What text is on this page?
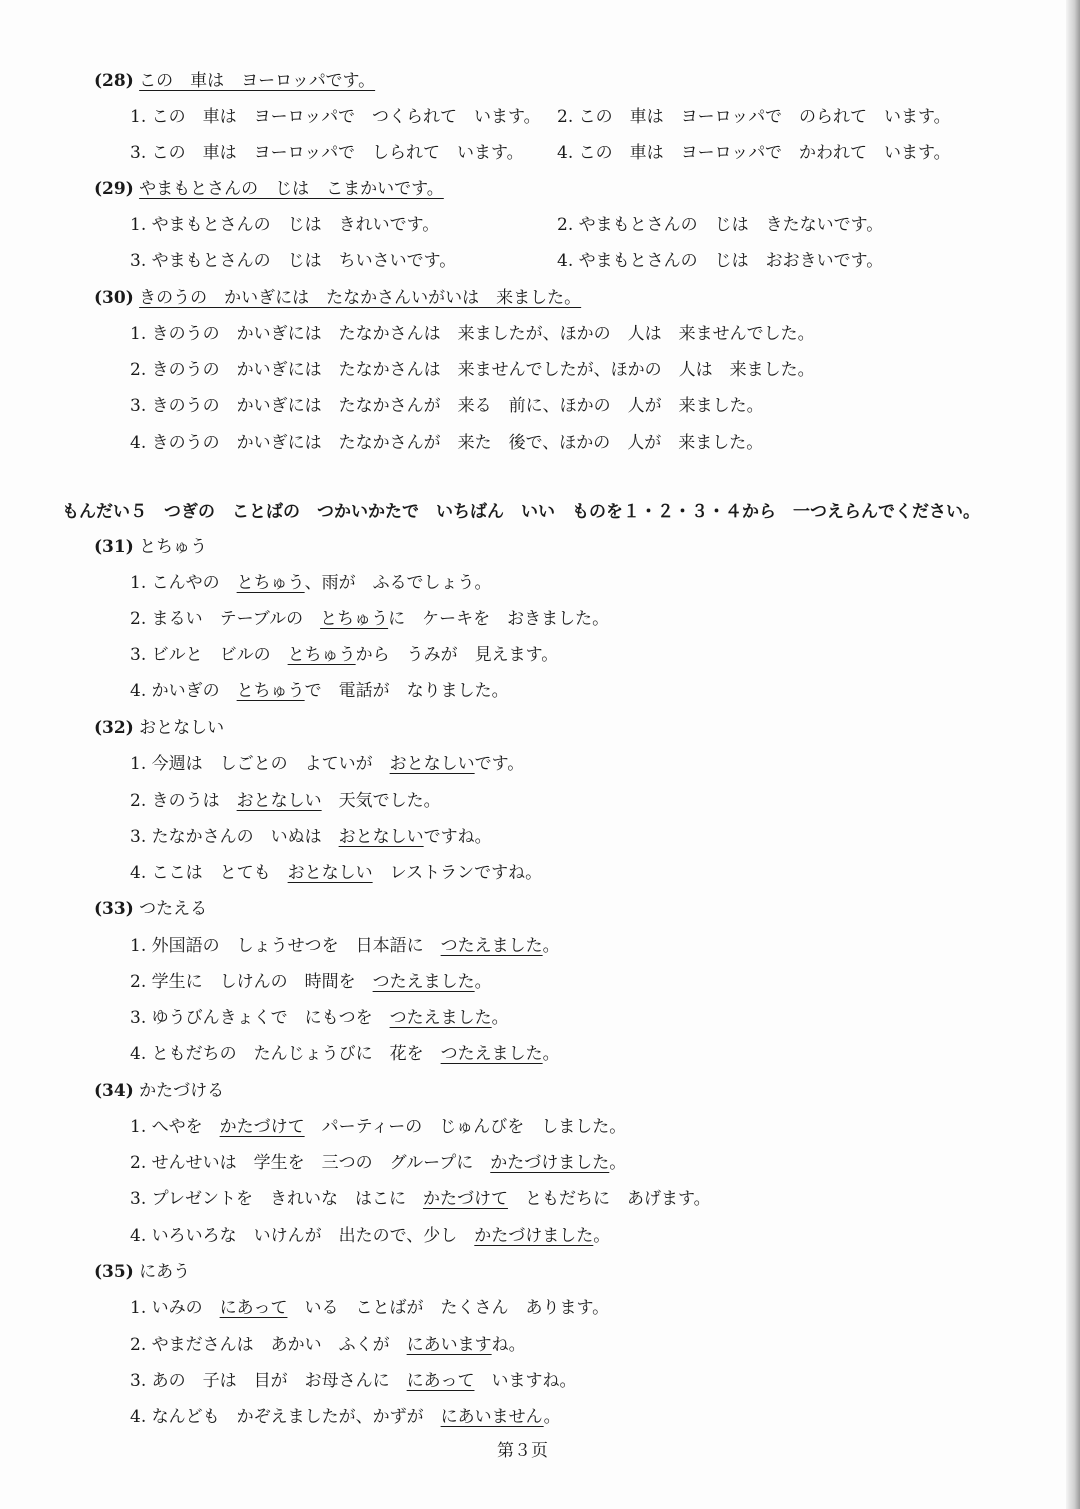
(28) この　車は　ヨーロッパです。
1. この　車は　ヨーロッパで　つくられて　います。 2. この　車は　ヨーロッパで　のられて　います。
3. この　車は　ヨーロッパで　しられて　います。 4. この　車は　ヨーロッパで　かわれて　います。
(29) やまもとさんの　じは　こまかいです。
1. やまもとさんの　じは　きれいです。	2. やまもとさんの　じは　きたないです。
3. やまもとさんの　じは　ちいさいです。	4. やまもとさんの　じは　おおきいです。
(30) きのうの　かいぎには　たなかさんいがいは　来ました。
1. きのうの　かいぎには　たなかさんは　来ましたが、ほかの　人は　来ませんでした。
2. きのうの　かいぎには　たなかさんは　来ませんでしたが、ほかの　人は　来ました。
3. きのうの　かいぎには　たなかさんが　来る　前に、ほかの　人が　来ました。
4. きのうの　かいぎには　たなかさんが　来た　後で、ほかの　人が　来ました。
もんだい５　つぎの　ことばの　つかいかたで　いちばん　いい　ものを１・２・３・４から　一つえらんでください。
(31) とちゅう
1. こんやの　とちゅう、雨が　ふるでしょう。
2. まるい　テーブルの　とちゅうに　ケーキを　おきました。
3. ビルと　ビルの　とちゅうから　うみが　見えます。
4. かいぎの　とちゅうで　電話が　なりました。
(32) おとなしい
1. 今週は　しごとの　よていが　おとなしいです。
2. きのうは　おとなしい　天気でした。
3. たなかさんの　いぬは　おとなしいですね。
4. ここは　とても　おとなしい　レストランですね。
(33) つたえる
1. 外国語の　しょうせつを　日本語に　つたえました。
2. 学生に　しけんの　時間を　つたえました。
3. ゆうびんきょくで　にもつを　つたえました。
4. ともだちの　たんじょうびに　花を　つたえました。
(34) かたづける
1. へやを　かたづけて　パーティーの　じゅんびを　しました。
2. せんせいは　学生を　三つの　グループに　かたづけました。
3. プレゼントを　きれいな　はこに　かたづけて　ともだちに　あげます。
4. いろいろな　いけんが　出たので、少し　かたづけました。
(35) にあう
1. いみの　にあって　いる　ことばが　たくさん　あります。
2. やまださんは　あかい　ふくが　にあいますね。
3. あの　子は　目が　お母さんに　にあって　いますね。
4. なんども　かぞえましたが、かずが　にあいません。
第３页
